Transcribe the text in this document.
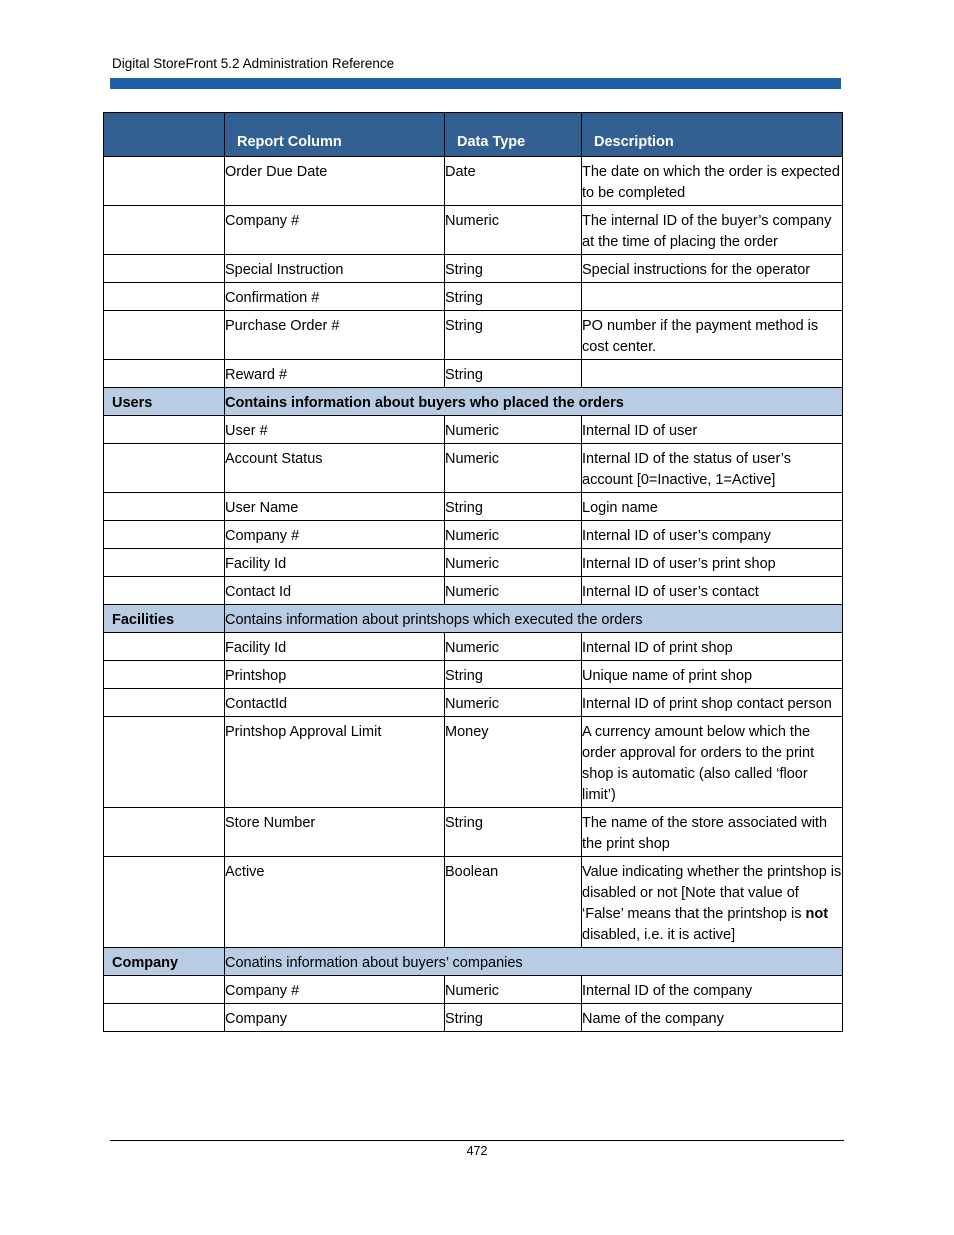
Digital StoreFront 5.2 Administration Reference
	Report Column	Data Type	Description
	Order Due Date	Date	The date on which the order is expected to be completed
	Company #	Numeric	The internal ID of the buyer’s company at the time of placing the order
	Special Instruction	String	Special instructions for the operator
	Confirmation #	String	
	Purchase Order #	String	PO number if the payment method is cost center.
	Reward #	String	
Users	Contains information about buyers who placed the orders		
	User #	Numeric	Internal ID of user
	Account Status	Numeric	Internal ID of the status of user’s account [0=Inactive, 1=Active]
	User Name	String	Login name
	Company #	Numeric	Internal ID of user’s company
	Facility Id	Numeric	Internal ID of user’s print shop
	Contact Id	Numeric	Internal ID of user’s contact
Facilities	Contains information about printshops which executed the orders		
	Facility Id	Numeric	Internal ID of print shop
	Printshop	String	Unique name of print shop
	ContactId	Numeric	Internal ID of print shop contact person
	Printshop Approval Limit	Money	A currency amount below which the order approval for orders to the print shop is automatic (also called ‘floor limit’)
	Store Number	String	The name of the store associated with the print shop
	Active	Boolean	Value indicating whether the printshop is disabled or not [Note that value of ‘False’ means that the printshop is not disabled, i.e. it is active]
Company	Conatins information about buyers’ companies		
	Company #	Numeric	Internal ID of the company
	Company	String	Name of the company
472
